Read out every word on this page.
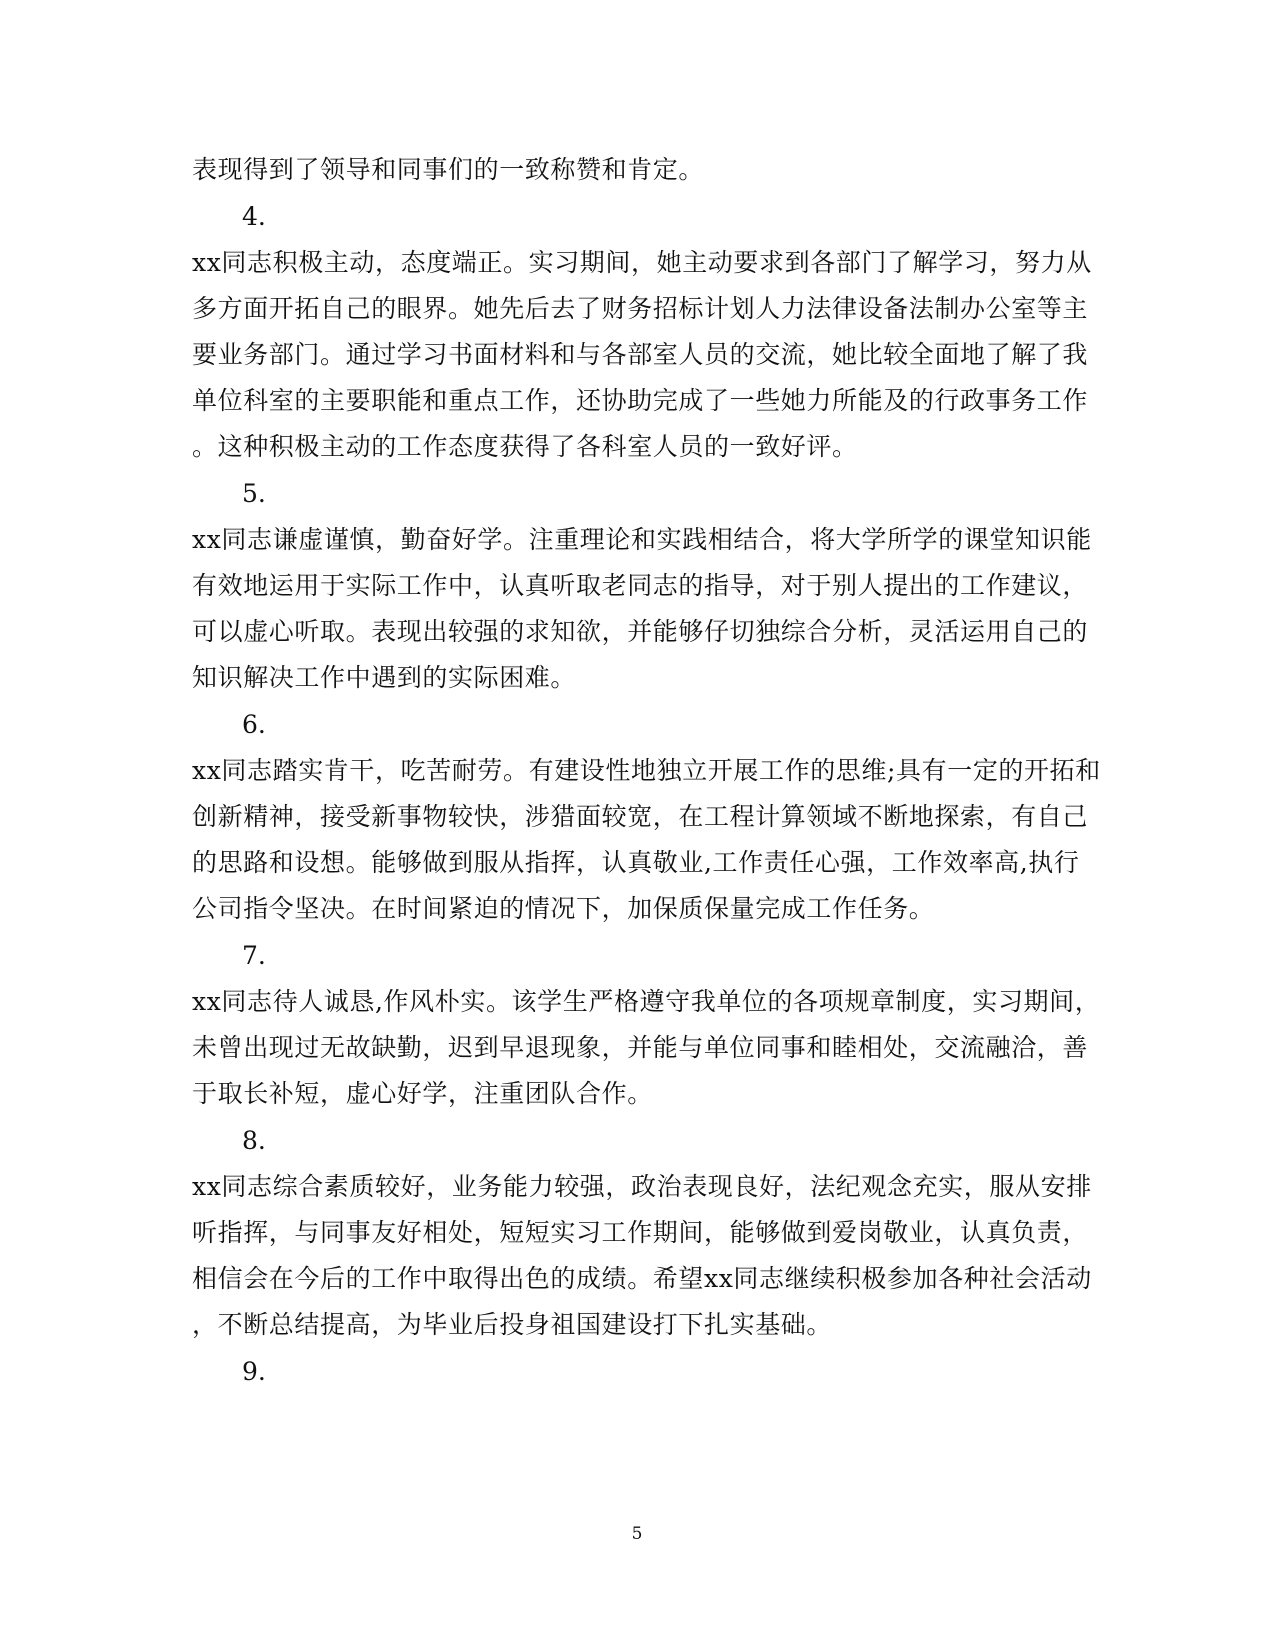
表现得到了领导和同事们的一致称赞和肯定。
4.
xx同志积极主动，态度端正。实习期间，她主动要求到各部门了解学习，努力从
多方面开拓自己的眼界。她先后去了财务招标计划人力法律设备法制办公室等主
要业务部门。通过学习书面材料和与各部室人员的交流，她比较全面地了解了我
单位科室的主要职能和重点工作，还协助完成了一些她力所能及的行政事务工作
。这种积极主动的工作态度获得了各科室人员的一致好评。
5.
xx同志谦虚谨慎，勤奋好学。注重理论和实践相结合，将大学所学的课堂知识能
有效地运用于实际工作中，认真听取老同志的指导，对于别人提出的工作建议，
可以虚心听取。表现出较强的求知欲，并能够仔切独综合分析，灵活运用自己的
知识解决工作中遇到的实际困难。
6.
xx同志踏实肯干，吃苦耐劳。有建设性地独立开展工作的思维;具有一定的开拓和
创新精神，接受新事物较快，涉猎面较宽，在工程计算领域不断地探索，有自己
的思路和设想。能够做到服从指挥，认真敬业,工作责任心强，工作效率高,执行
公司指令坚决。在时间紧迫的情况下，加保质保量完成工作任务。
7.
xx同志待人诚恳,作风朴实。该学生严格遵守我单位的各项规章制度，实习期间，
未曾出现过无故缺勤，迟到早退现象，并能与单位同事和睦相处，交流融洽，善
于取长补短，虚心好学，注重团队合作。
8.
xx同志综合素质较好，业务能力较强，政治表现良好，法纪观念充实，服从安排
听指挥，与同事友好相处，短短实习工作期间，能够做到爱岗敬业，认真负责，
相信会在今后的工作中取得出色的成绩。希望xx同志继续积极参加各种社会活动
，不断总结提高，为毕业后投身祖国建设打下扎实基础。
9.
5
